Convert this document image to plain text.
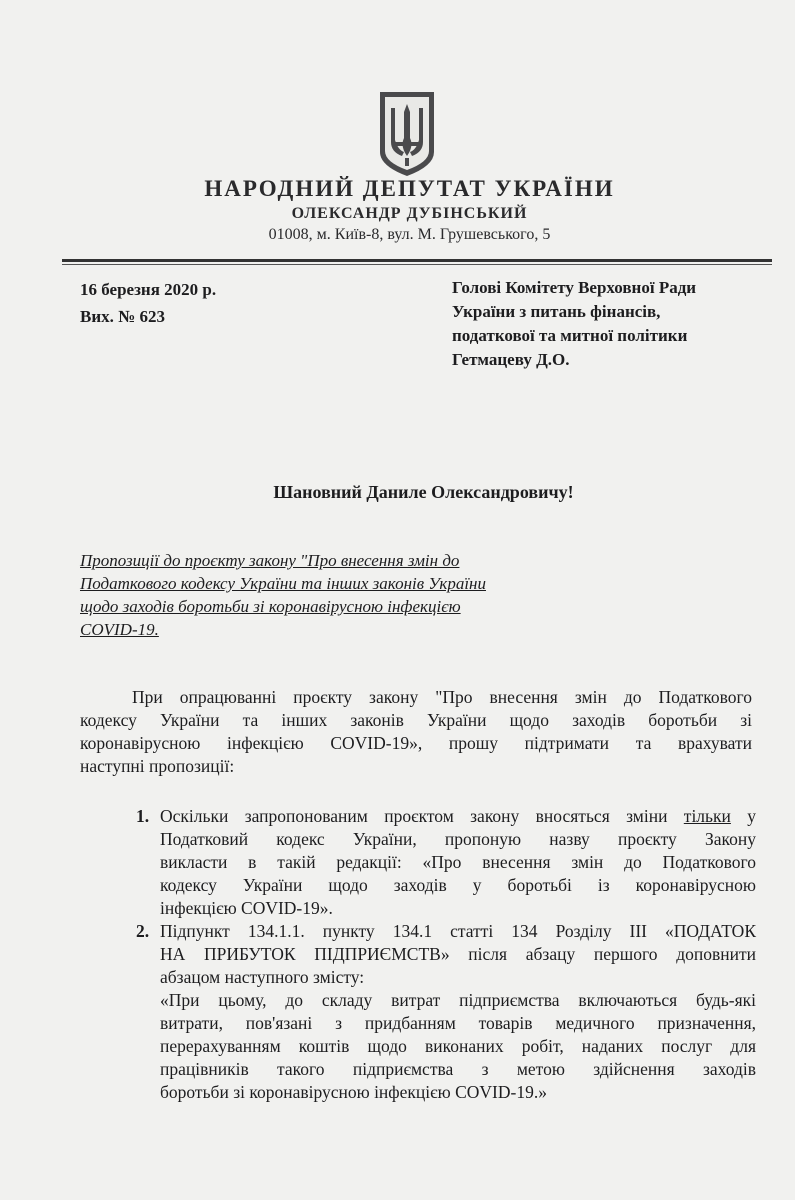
НАРОДНИЙ ДЕПУТАТ УКРАЇНИ
ОЛЕКСАНДР ДУБІНСЬКИЙ
01008, м. Київ-8, вул. М. Грушевського, 5
16 березня 2020 р.
Вих. № 623
Голові Комітету Верховної Ради
України з питань фінансів,
податкової та митної політики
Гетмацеву Д.О.
Шановний Даниле Олександровичу!
Пропозиції до проєкту закону "Про внесення змін до
Податкового кодексу України та інших законів України
щодо заходів боротьби зі коронавірусною інфекцією
COVID-19.
При опрацюванні проєкту закону "Про внесення змін до Податкового
кодексу України та інших законів України щодо заходів боротьби зі
коронавірусною інфекцією COVID-19», прошу підтримати та врахувати
наступні пропозиції:
1. Оскільки запропонованим проєктом закону вносяться зміни тільки у
Податковий кодекс України, пропоную назву проєкту Закону
викласти в такій редакції: «Про внесення змін до Податкового
кодексу України щодо заходів у боротьбі із коронавірусною
інфекцією COVID-19».
2. Підпункт 134.1.1. пункту 134.1 статті 134 Розділу ІІІ «ПОДАТОК
НА ПРИБУТОК ПІДПРИЄМСТВ» після абзацу першого доповнити
абзацом наступного змісту:
«При цьому, до складу витрат підприємства включаються будь-які
витрати, пов'язані з придбанням товарів медичного призначення,
перерахуванням коштів щодо виконаних робіт, наданих послуг для
працівників такого підприємства з метою здійснення заходів
боротьби зі коронавірусною інфекцією COVID-19.»
